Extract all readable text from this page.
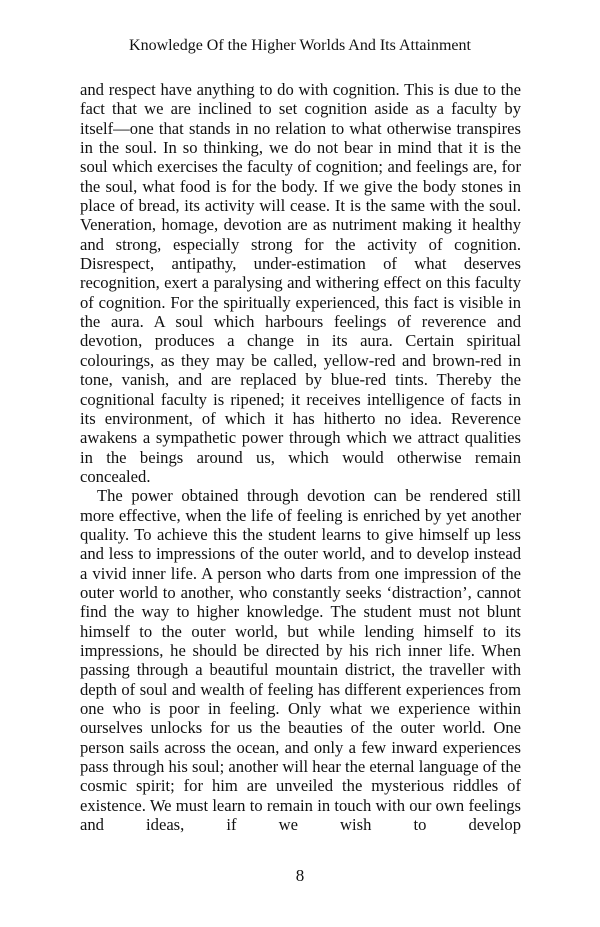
Knowledge Of the Higher Worlds And Its Attainment

and respect have anything to do with cognition. This is due to the fact that we are inclined to set cognition aside as a faculty by itself—one that stands in no relation to what otherwise transpires in the soul. In so thinking, we do not bear in mind that it is the soul which exercises the faculty of cognition; and feelings are, for the soul, what food is for the body. If we give the body stones in place of bread, its activity will cease. It is the same with the soul. Veneration, homage, devotion are as nutriment making it healthy and strong, especially strong for the activity of cognition. Disrespect, antipathy, under-estimation of what deserves recognition, exert a paralysing and withering effect on this faculty of cognition. For the spiritually experienced, this fact is visible in the aura. A soul which harbours feelings of reverence and devotion, produces a change in its aura. Certain spiritual colourings, as they may be called, yellow-red and brown-red in tone, vanish, and are replaced by blue-red tints. Thereby the cognitional faculty is ripened; it receives intelligence of facts in its environment, of which it has hitherto no idea. Reverence awakens a sympathetic power through which we attract qualities in the beings around us, which would otherwise remain concealed.

The power obtained through devotion can be rendered still more effective, when the life of feeling is enriched by yet another quality. To achieve this the student learns to give himself up less and less to impressions of the outer world, and to develop instead a vivid inner life. A person who darts from one impression of the outer world to another, who constantly seeks ‘distraction’, cannot find the way to higher knowledge. The student must not blunt himself to the outer world, but while lending himself to its impressions, he should be directed by his rich inner life. When passing through a beautiful mountain district, the traveller with depth of soul and wealth of feeling has different experiences from one who is poor in feeling. Only what we experience within ourselves unlocks for us the beauties of the outer world. One person sails across the ocean, and only a few inward experiences pass through his soul; another will hear the eternal language of the cosmic spirit; for him are unveiled the mysterious riddles of existence. We must learn to remain in touch with our own feelings and ideas, if we wish to develop

8
